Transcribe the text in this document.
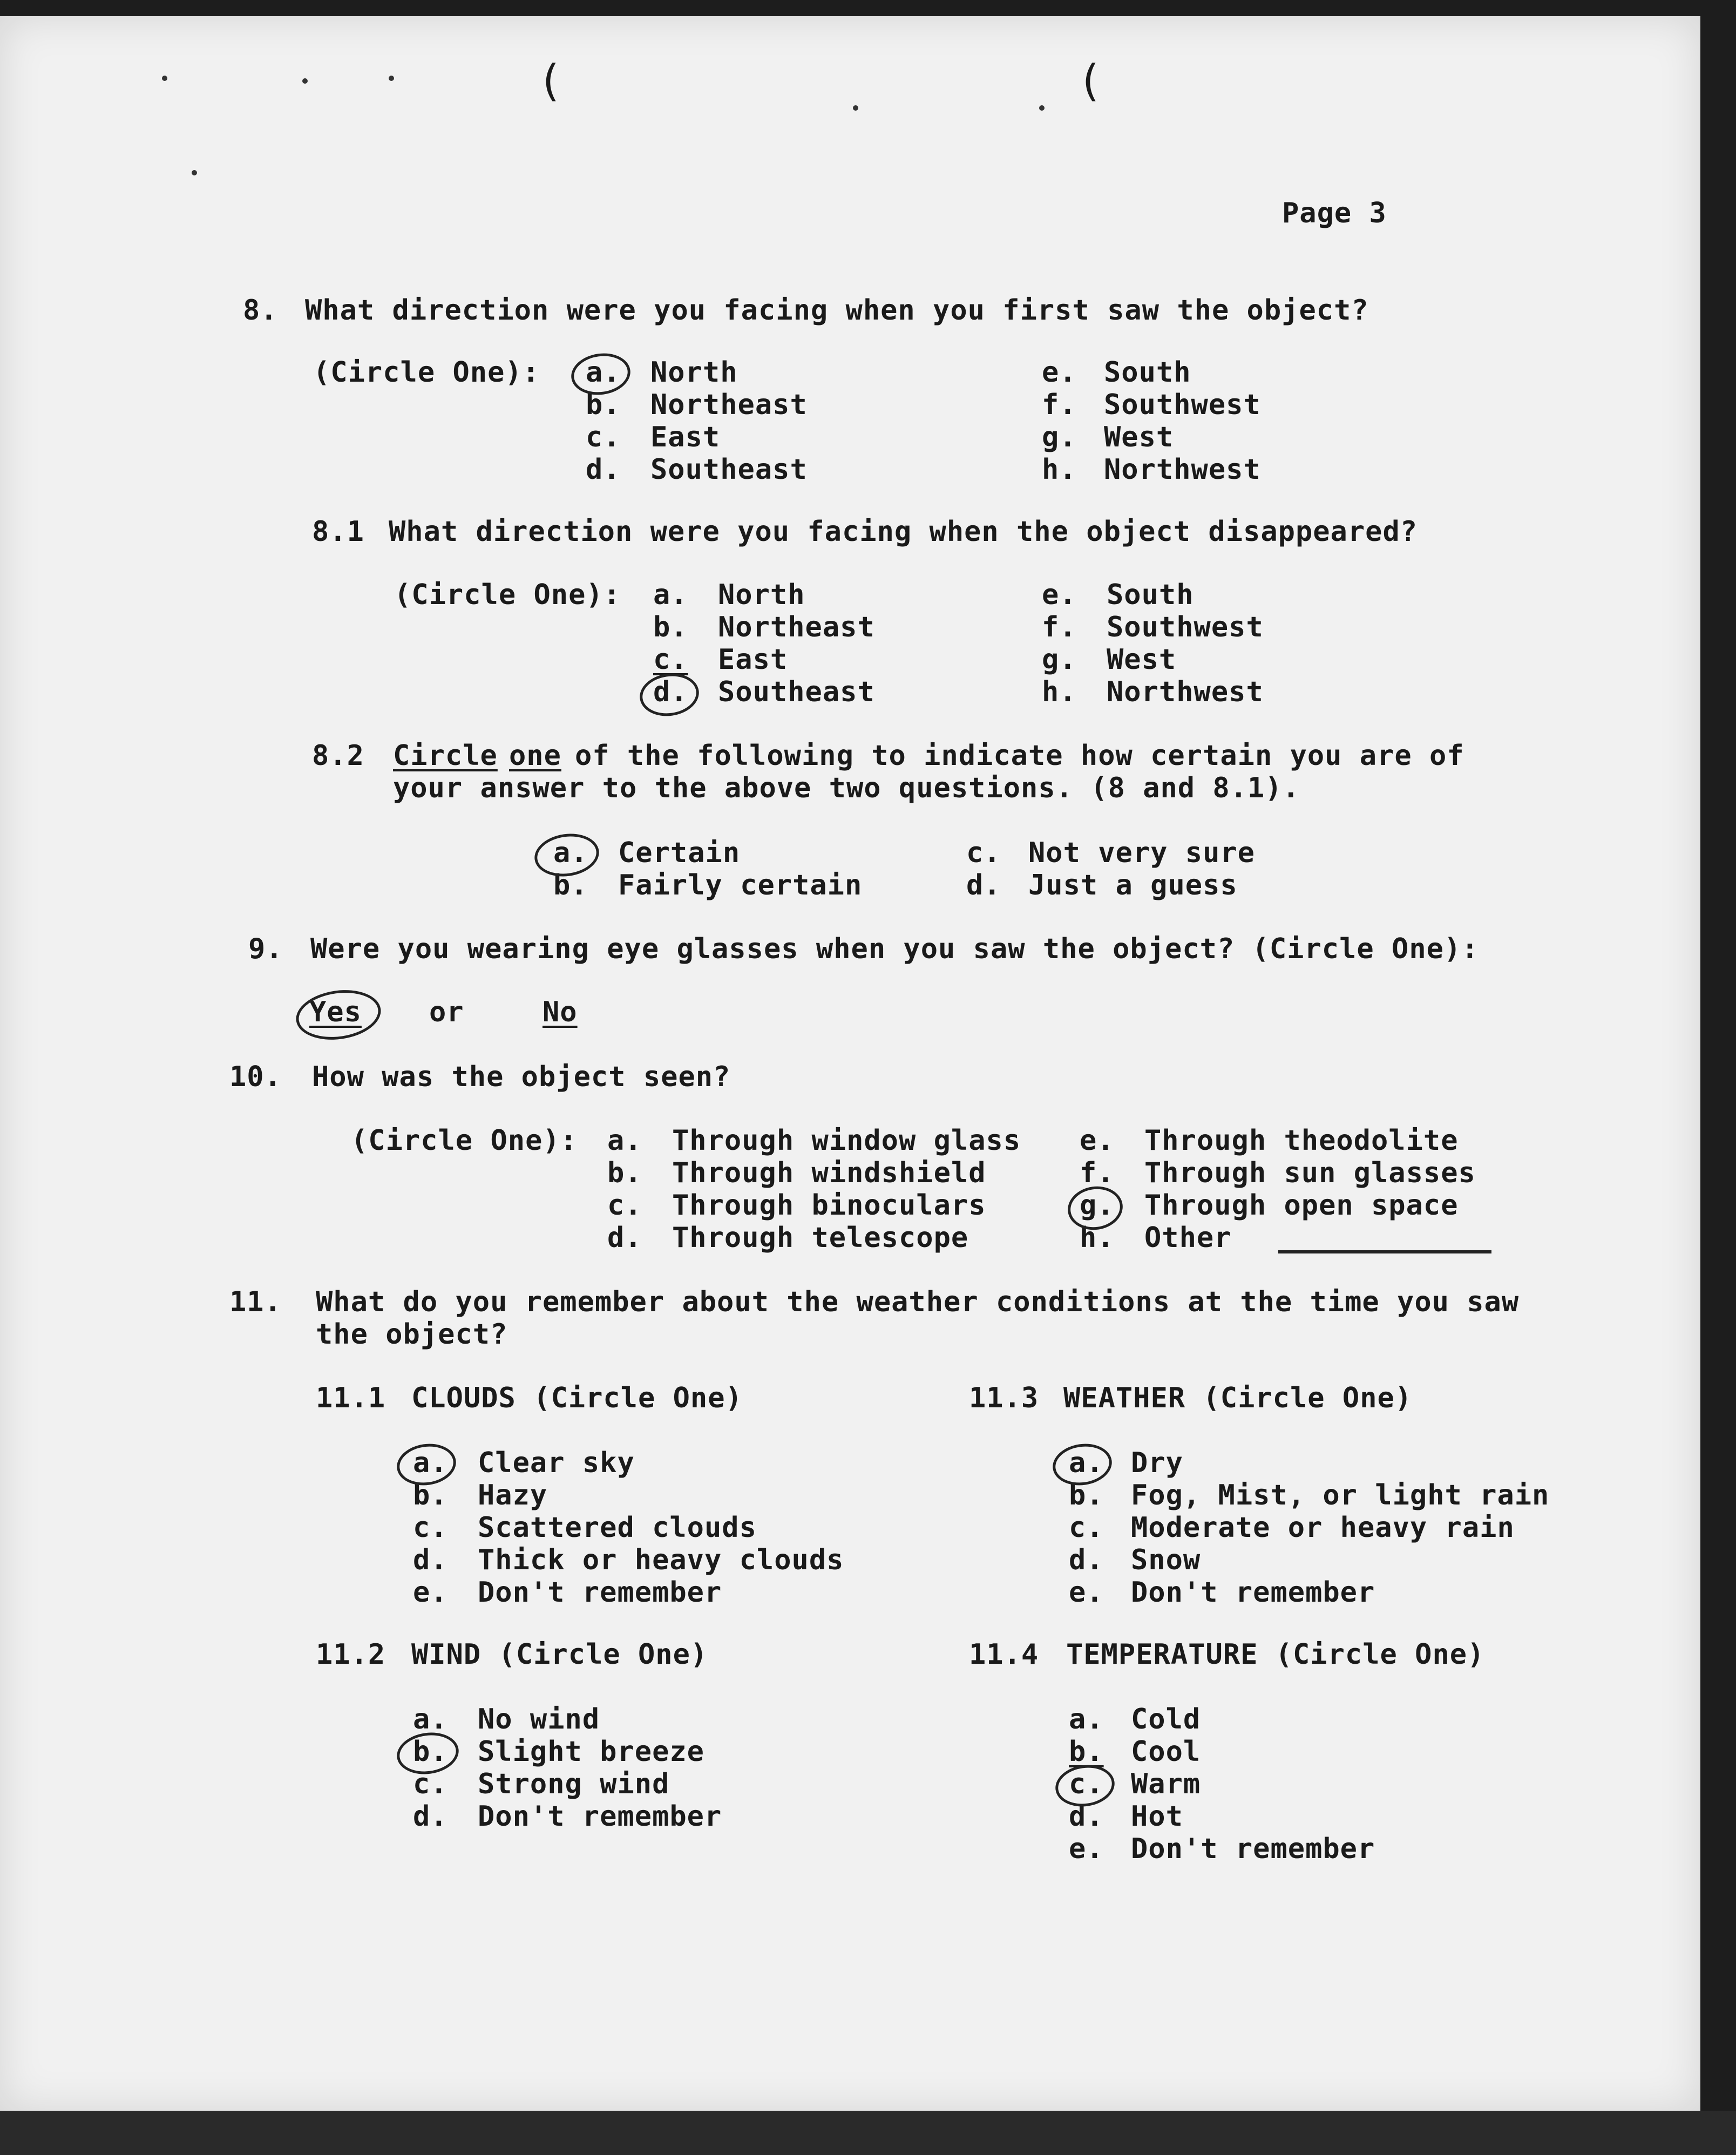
(	(
Page 3
8. What direction were you facing when you first saw the object?
(Circle One): a. North
b. Northeast
c. East
d. Southeast
e. South
f. Southwest
g. West
h. Northwest
8.1 What direction were you facing when the object disappeared?
(Circle One): a. North
b. Northeast
c. East
d. Southeast
e. South
f. Southwest
g. West
h. Northwest
8.2 Circle one of the following to indicate how certain you are of
your answer to the above two questions. (8 and 8.1).
a. Certain
b. Fairly certain
c. Not very sure
d. Just a guess
9. Were you wearing eye glasses when you saw the object? (Circle One):
Yes or	No
10. How was the object seen?
(Circle One): a. Through window glass
b. Through windshield
c. Through binoculars
d. Through telescope
e. Through theodolite
f. Through sun glasses
g. Through open space
h. Other
11. What do you remember about the weather conditions at the time you saw
the object?
11.1 CLOUDS (Circle One)
a. Clear sky
b. Hazy
c. Scattered clouds
d. Thick or heavy clouds
e. Don't remember
11.2 WIND (Circle One)
a. No wind
b. Slight breeze
c. Strong wind
d. Don't remember
11.3 WEATHER (Circle One)
a. Dry
b. Fog, Mist, or light rain
c. Moderate or heavy rain
d. Snow
e. Don't remember
11.4 TEMPERATURE (Circle One)
a. Cold
b. Cool
c. Warm
d. Hot
e. Don't remember
